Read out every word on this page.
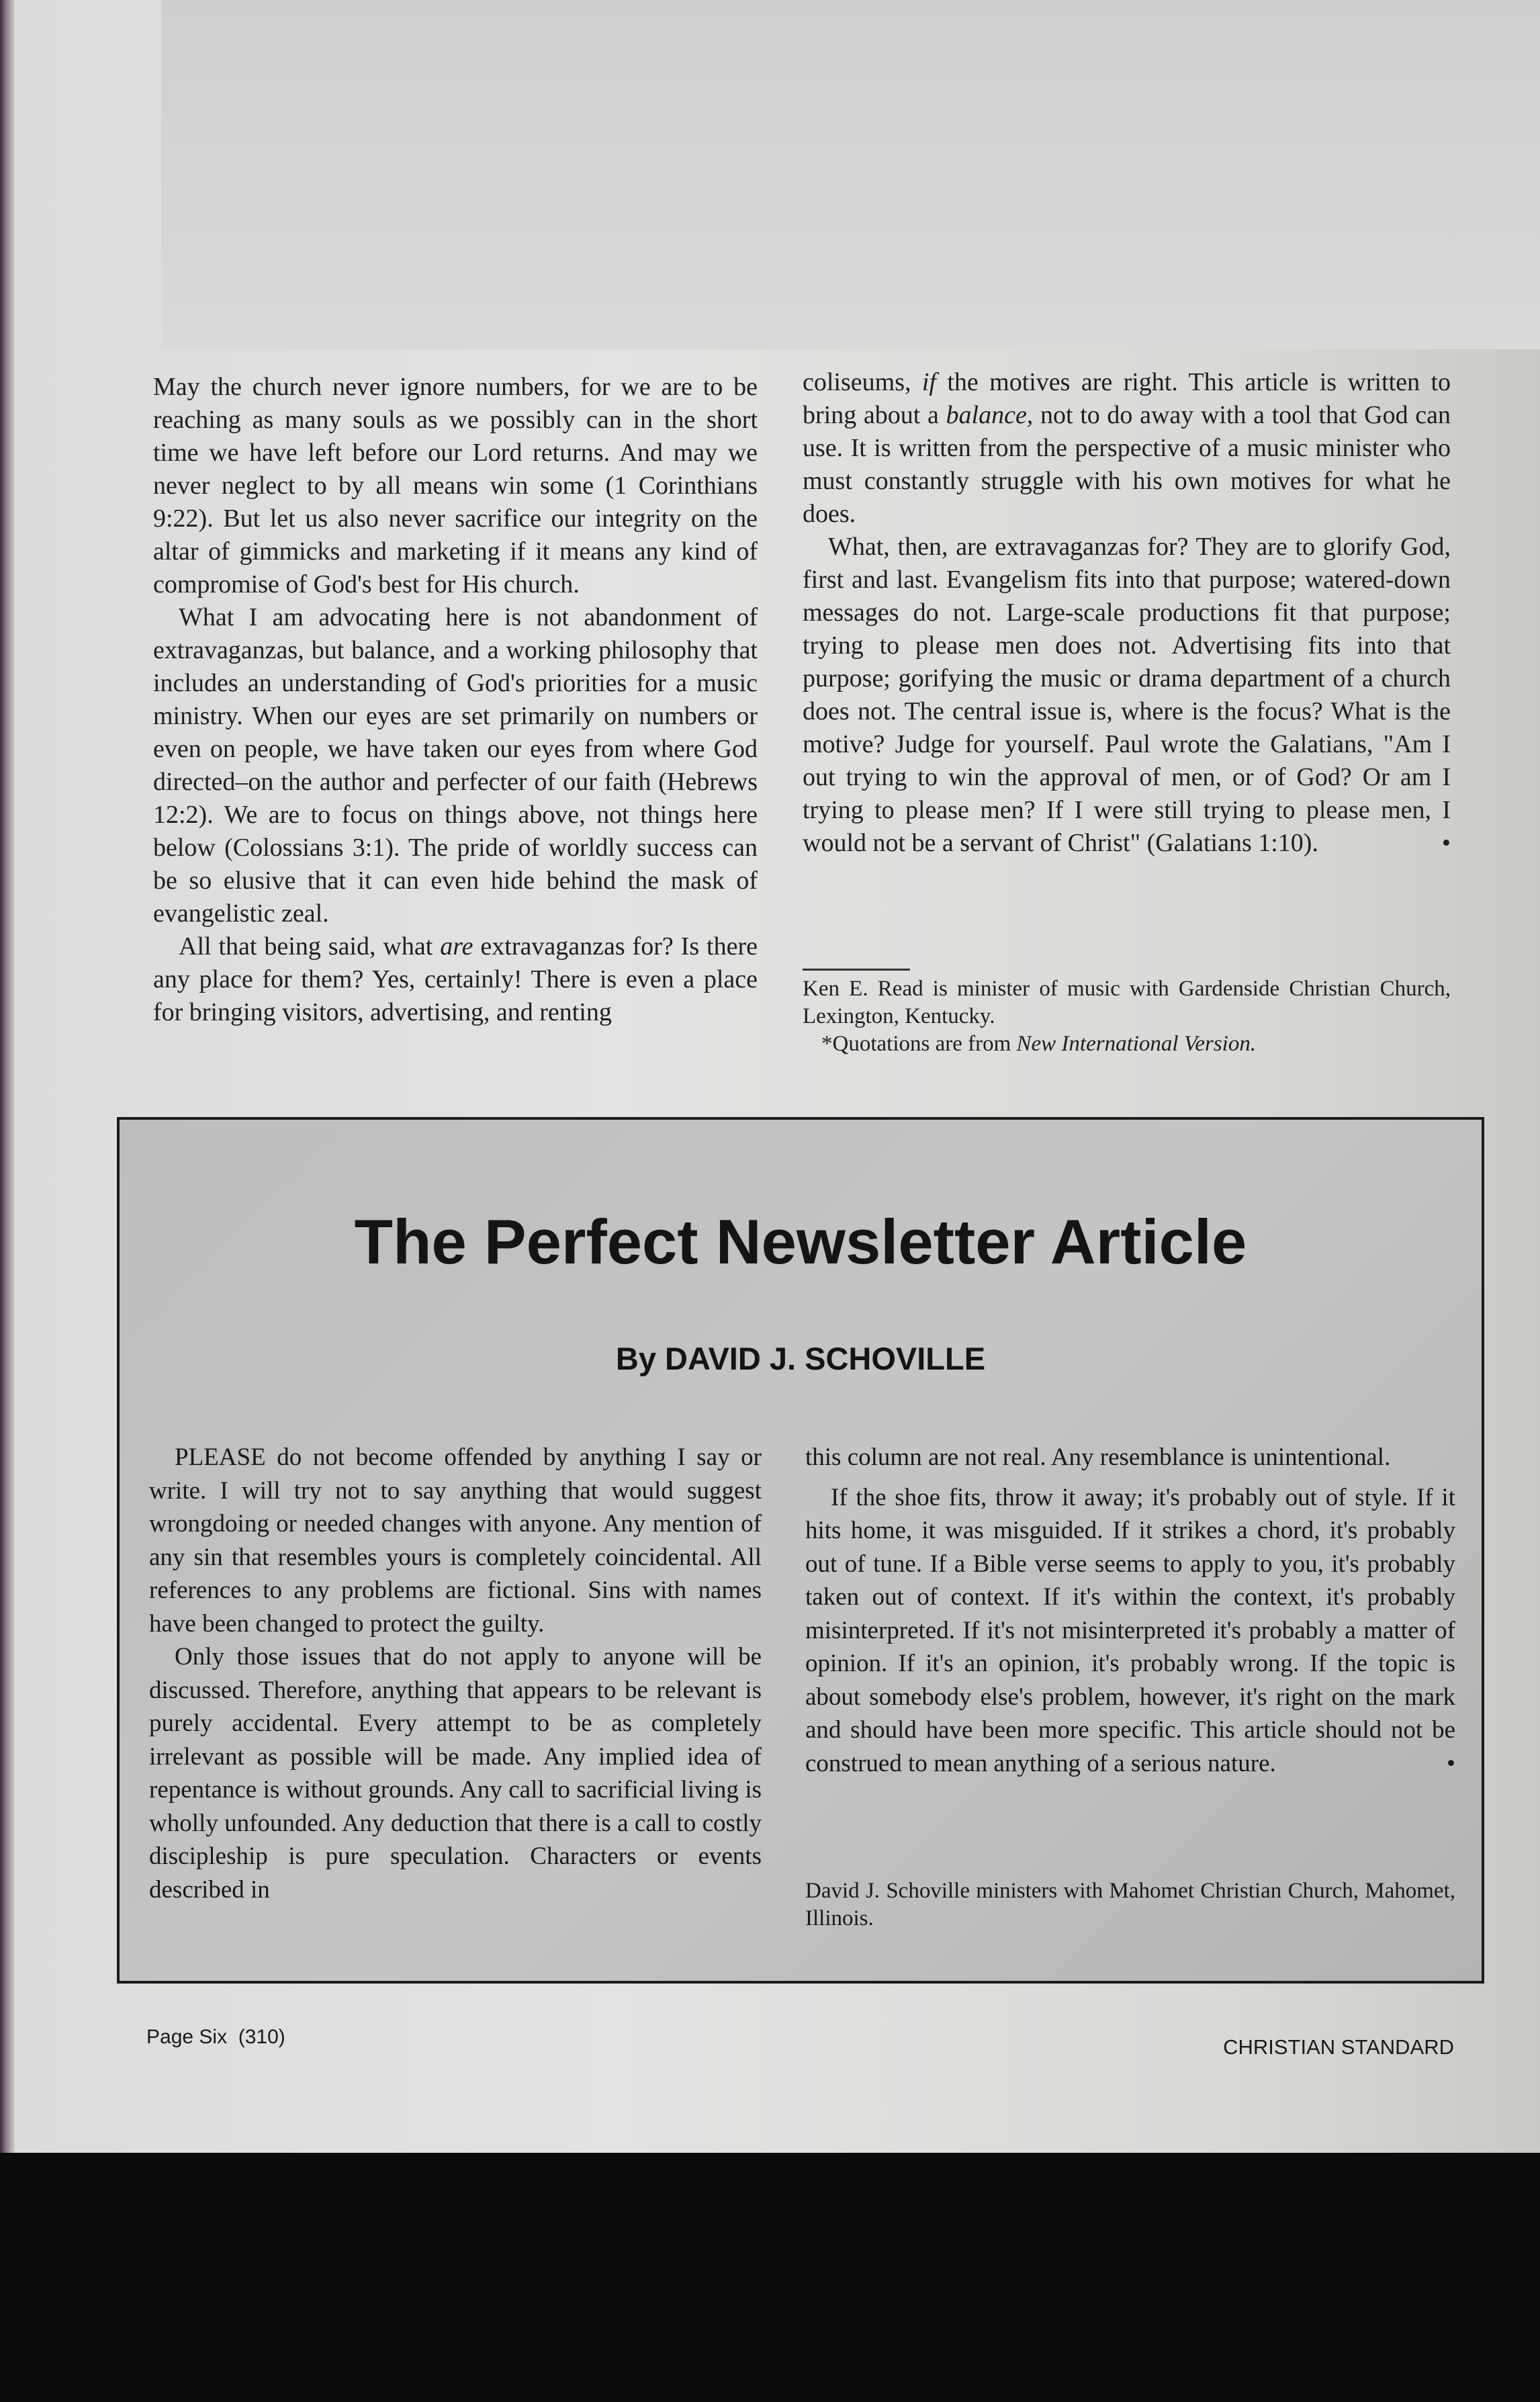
May the church never ignore numbers, for we are to be reaching as many souls as we possibly can in the short time we have left before our Lord returns. And may we never neglect to by all means win some (1 Corinthians 9:22). But let us also never sacrifice our integrity on the altar of gimmicks and marketing if it means any kind of compromise of God's best for His church.

What I am advocating here is not abandonment of extravaganzas, but balance, and a working philosophy that includes an understanding of God's priorities for a music ministry. When our eyes are set primarily on numbers or even on people, we have taken our eyes from where God directed–on the author and perfecter of our faith (Hebrews 12:2). We are to focus on things above, not things here below (Colossians 3:1). The pride of worldly success can be so elusive that it can even hide behind the mask of evangelistic zeal.

All that being said, what are extravaganzas for? Is there any place for them? Yes, certainly! There is even a place for bringing visitors, advertising, and renting

coliseums, if the motives are right. This article is written to bring about a balance, not to do away with a tool that God can use. It is written from the perspective of a music minister who must constantly struggle with his own motives for what he does.

What, then, are extravaganzas for? They are to glorify God, first and last. Evangelism fits into that purpose; watered-down messages do not. Large-scale productions fit that purpose; trying to please men does not. Advertising fits into that purpose; gorifying the music or drama department of a church does not. The central issue is, where is the focus? What is the motive? Judge for yourself. Paul wrote the Galatians, "Am I out trying to win the approval of men, or of God? Or am I trying to please men? If I were still trying to please men, I would not be a servant of Christ" (Galatians 1:10).	•

Ken E. Read is minister of music with Gardenside Christian Church, Lexington, Kentucky.

*Quotations are from New International Version.

The Perfect Newsletter Article
By DAVID J. SCHOVILLE

PLEASE do not become offended by anything I say or write. I will try not to say anything that would suggest wrongdoing or needed changes with anyone. Any mention of any sin that resembles yours is completely coincidental. All references to any problems are fictional. Sins with names have been changed to protect the guilty.

Only those issues that do not apply to anyone will be discussed. Therefore, anything that appears to be relevant is purely accidental. Every attempt to be as completely irrelevant as possible will be made. Any implied idea of repentance is without grounds. Any call to sacrificial living is wholly unfounded. Any deduction that there is a call to costly discipleship is pure speculation. Characters or events described in

this column are not real. Any resemblance is unintentional.

If the shoe fits, throw it away; it's probably out of style. If it hits home, it was misguided. If it strikes a chord, it's probably out of tune. If a Bible verse seems to apply to you, it's probably taken out of context. If it's within the context, it's probably misinterpreted. If it's not misinterpreted it's probably a matter of opinion. If it's an opinion, it's probably wrong. If the topic is about somebody else's problem, however, it's right on the mark and should have been more specific. This article should not be construed to mean anything of a serious nature.	•

David J. Schoville ministers with Mahomet Christian Church, Mahomet, Illinois.
Page Six (310)	CHRISTIAN STANDARD
